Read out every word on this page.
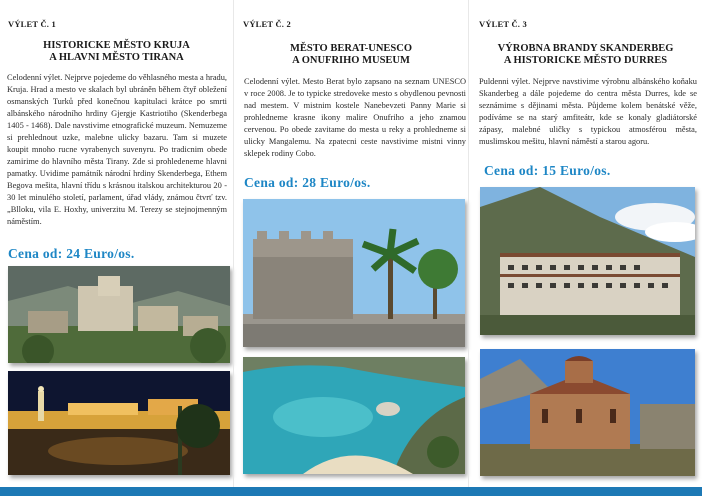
VÝLET Č. 1
HISTORICKE MĚSTO KRUJA
A HLAVNI MĚSTO TIRANA
Celodenní výlet. Nejprve pojedeme do věhlasného mesta a hradu, Kruja. Hrad a mesto ve skalach byl ubráněn během čtyř obležení osmanských Turků před konečnou kapitulaci krátce po smrti albánského národního hrdiny Gjergje Kastriotiho (Skenderbega 1405 - 1468). Dale navstivime etnografické muzeum. Nemuzeme si prehlednout uzke, malebne ulicky bazaru. Tam si muzete koupit mnoho rucne vyrabenych suvenyru. Po tradicnim obede zamirime do hlavního města Tirany. Zde si prohledeneme hlavni pamatky. Uvidime památník národní hrdiny Skenderbega, Ethem Begova mešita, hlavní třídu s krásnou italskou architekturou 20 - 30 let minulého století, parlament, úřad vlády, známou čtvrť tzv. „Blloku, vila E. Hoxhy, univerzitu M. Terezy se stejnojmenným náměstím.
Cena od: 24 Euro/os.
VÝLET Č. 2
MĚSTO BERAT-UNESCO
A ONUFRIHO MUSEUM
Celodenní výlet. Mesto Berat bylo zapsano na seznam UNESCO v roce 2008. Je to typicke stredoveke mesto s obydlenou pevnosti nad mestem. V mistnim kostele Nanebevzeti Panny Marie si prohledneme krasne ikony malire Onufriho a jeho znamou cervenou. Po obede zavitame do mesta u reky a prohledneme si ulicky Mangalemu. Na zpatecni ceste navstivime mistni vinny sklepek rodiny Cobo.
Cena od: 28 Euro/os.
VÝLET Č. 3
VÝROBNA BRANDY SKANDERBEG
A HISTORICKE MĚSTO DURRES
Puldenni výlet. Nejprve navstivime výrobnu albánského koňaku Skanderbeg a dále pojedeme do centra města Durres, kde se seznámime s dějinami města. Půjdeme kolem benátské věže, podíváme se na starý amfiteátr, kde se konaly gladiátorské zápasy, malebné uličky s typickou atmosférou města, muslimskou mešitu, hlavní náměstí a starou agoru.
Cena od: 15 Euro/os.
